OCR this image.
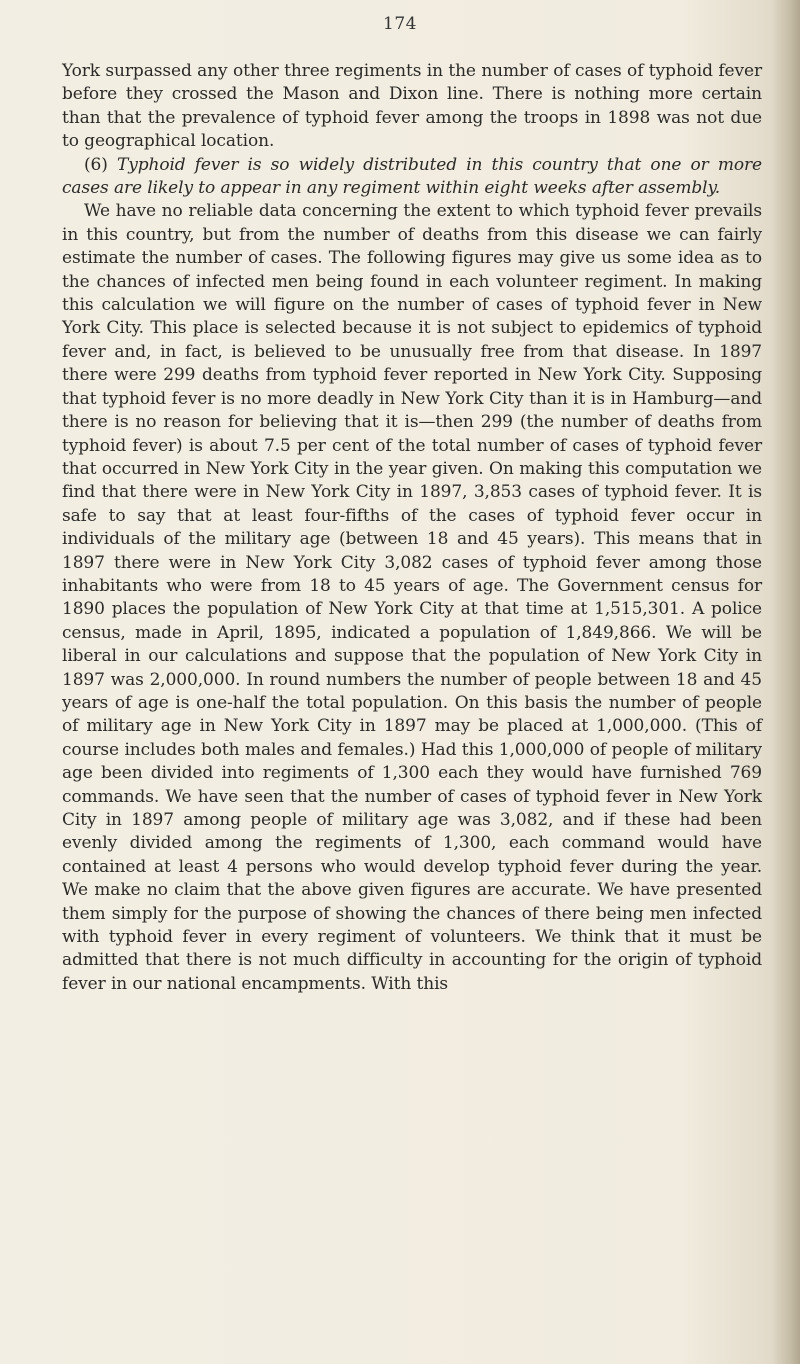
174

York surpassed any other three regiments in the number of cases of typhoid fever before they crossed the Mason and Dixon line. There is nothing more certain than that the prevalence of typhoid fever among the troops in 1898 was not due to geographical location.

(6) Typhoid fever is so widely distributed in this country that one or more cases are likely to appear in any regiment within eight weeks after assembly.

We have no reliable data concerning the extent to which typhoid fever prevails in this country, but from the number of deaths from this disease we can fairly estimate the number of cases. The following figures may give us some idea as to the chances of infected men being found in each volunteer regiment. In making this calculation we will figure on the number of cases of typhoid fever in New York City. This place is selected because it is not subject to epidemics of typhoid fever and, in fact, is believed to be unusually free from that disease. In 1897 there were 299 deaths from typhoid fever reported in New York City. Supposing that typhoid fever is no more deadly in New York City than it is in Hamburg—and there is no reason for believing that it is—then 299 (the number of deaths from typhoid fever) is about 7.5 per cent of the total number of cases of typhoid fever that occurred in New York City in the year given. On making this computation we find that there were in New York City in 1897, 3,853 cases of typhoid fever. It is safe to say that at least four-fifths of the cases of typhoid fever occur in individuals of the military age (between 18 and 45 years). This means that in 1897 there were in New York City 3,082 cases of typhoid fever among those inhabitants who were from 18 to 45 years of age. The Government census for 1890 places the population of New York City at that time at 1,515,301. A police census, made in April, 1895, indicated a population of 1,849,866. We will be liberal in our calculations and suppose that the population of New York City in 1897 was 2,000,000. In round numbers the number of people between 18 and 45 years of age is one-half the total population. On this basis the number of people of military age in New York City in 1897 may be placed at 1,000,000. (This of course includes both males and females.) Had this 1,000,000 of people of military age been divided into regiments of 1,300 each they would have furnished 769 commands. We have seen that the number of cases of typhoid fever in New York City in 1897 among people of military age was 3,082, and if these had been evenly divided among the regiments of 1,300, each command would have contained at least 4 persons who would develop typhoid fever during the year. We make no claim that the above given figures are accurate. We have presented them simply for the purpose of showing the chances of there being men infected with typhoid fever in every regiment of volunteers. We think that it must be admitted that there is not much difficulty in accounting for the origin of typhoid fever in our national encampments. With this
